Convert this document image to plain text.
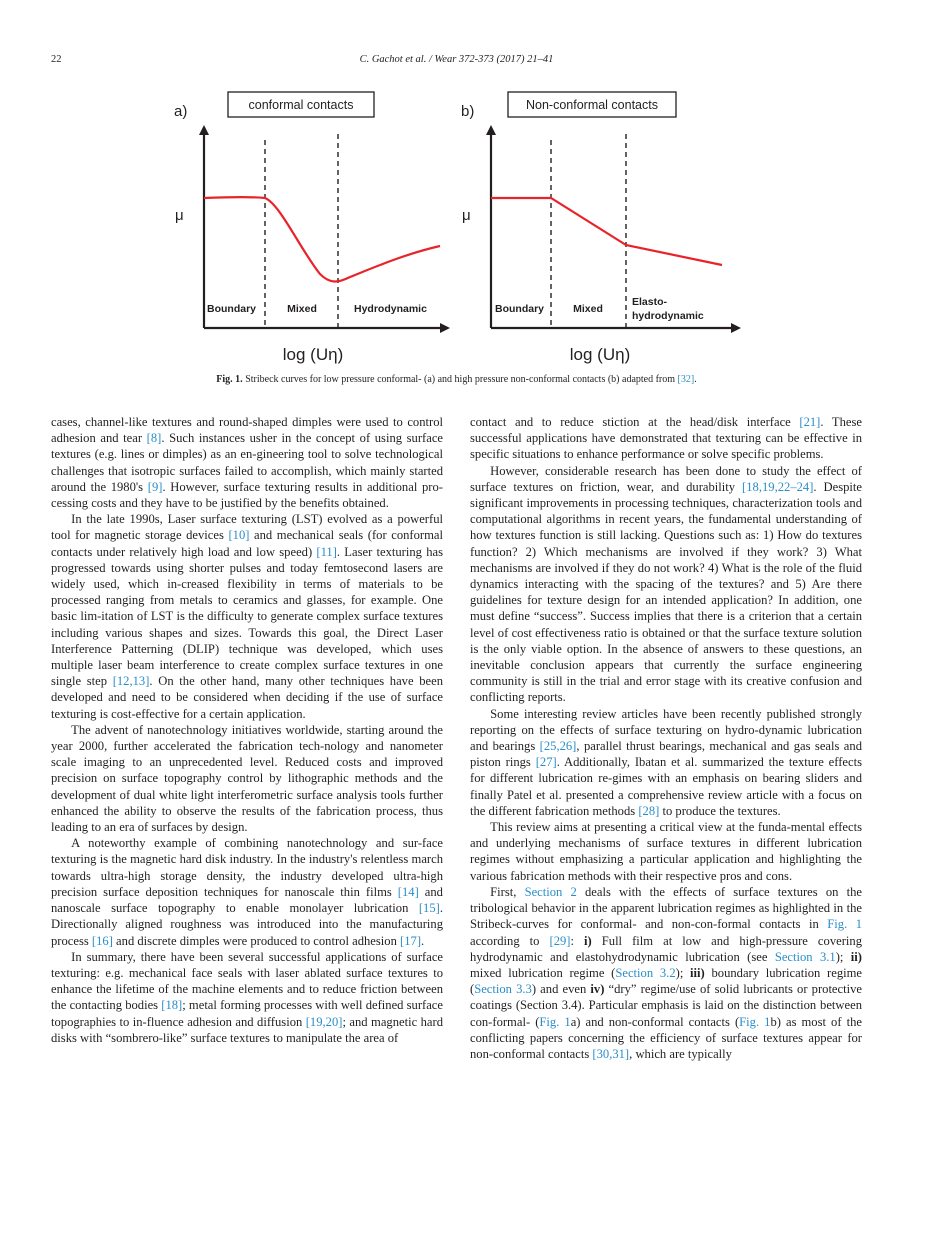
22	C. Gachot et al. / Wear 372-373 (2017) 21–41
a)	conformal contacts
μ
Boundary	Mixed	Hydrodynamic
log (Uη)
b)	Non-conformal contacts
μ
Boundary	Mixed
Elasto-
hydrodynamic
log (Uη)
Fig. 1. Stribeck curves for low pressure conformal- (a) and high pressure non-conformal contacts (b) adapted from [32].

cases, channel-like textures and round-shaped dimples were used to control adhesion and tear [8]. Such instances usher in the concept of using surface textures (e.g. lines or dimples) as an en-gineering tool to solve technological challenges that isotropic surfaces failed to accomplish, which mainly started around the 1980's [9]. However, surface texturing results in additional pro-cessing costs and they have to be justified by the benefits obtained.

In the late 1990s, Laser surface texturing (LST) evolved as a powerful tool for magnetic storage devices [10] and mechanical seals (for conformal contacts under relatively high load and low speed) [11]. Laser texturing has progressed towards using shorter pulses and today femtosecond lasers are widely used, which in-creased flexibility in terms of materials to be processed ranging from metals to ceramics and glasses, for example. One basic lim-itation of LST is the difficulty to generate complex surface textures including various shapes and sizes. Towards this goal, the Direct Laser Interference Patterning (DLIP) technique was developed, which uses multiple laser beam interference to create complex surface textures in one single step [12,13]. On the other hand, many other techniques have been developed and need to be considered when deciding if the use of surface texturing is cost-effective for a certain application.

The advent of nanotechnology initiatives worldwide, starting around the year 2000, further accelerated the fabrication tech-nology and nanometer scale imaging to an unprecedented level. Reduced costs and improved precision on surface topography control by lithographic methods and the development of dual white light interferometric surface analysis tools further enhanced the ability to observe the results of the fabrication process, thus leading to an era of surfaces by design.

A noteworthy example of combining nanotechnology and sur-face texturing is the magnetic hard disk industry. In the industry's relentless march towards ultra-high storage density, the industry developed ultra-high precision surface deposition techniques for nanoscale thin films [14] and nanoscale surface topography to enable monolayer lubrication [15]. Directionally aligned roughness was introduced into the manufacturing process [16] and discrete dimples were produced to control adhesion [17].

In summary, there have been several successful applications of surface texturing: e.g. mechanical face seals with laser ablated surface textures to enhance the lifetime of the machine elements and to reduce friction between the contacting bodies [18]; metal forming processes with well defined surface topographies to in-fluence adhesion and diffusion [19,20]; and magnetic hard disks with “sombrero-like” surface textures to manipulate the area of

contact and to reduce stiction at the head/disk interface [21]. These successful applications have demonstrated that texturing can be effective in specific situations to enhance performance or solve specific problems.

However, considerable research has been done to study the effect of surface textures on friction, wear, and durability [18,19,22–24]. Despite significant improvements in processing techniques, characterization tools and computational algorithms in recent years, the fundamental understanding of how textures function is still lacking. Questions such as: 1) How do textures function? 2) Which mechanisms are involved if they work? 3) What mechanisms are involved if they do not work? 4) What is the role of the fluid dynamics interacting with the spacing of the textures? and 5) Are there guidelines for texture design for an intended application? In addition, one must define “success”. Success implies that there is a criterion that a certain level of cost effectiveness ratio is obtained or that the surface texture solution is the only viable option. In the absence of answers to these questions, an inevitable conclusion appears that currently the surface engineering community is still in the trial and error stage with its creative confusion and conflicting reports.

Some interesting review articles have been recently published strongly reporting on the effects of surface texturing on hydro-dynamic lubrication and bearings [25,26], parallel thrust bearings, mechanical and gas seals and piston rings [27]. Additionally, Ibatan et al. summarized the texture effects for different lubrication re-gimes with an emphasis on bearing sliders and finally Patel et al. presented a comprehensive review article with a focus on the different fabrication methods [28] to produce the textures.

This review aims at presenting a critical view at the funda-mental effects and underlying mechanisms of surface textures in different lubrication regimes without emphasizing a particular application and highlighting the various fabrication methods with their respective pros and cons.

First, Section 2 deals with the effects of surface textures on the tribological behavior in the apparent lubrication regimes as highlighted in the Stribeck-curves for conformal- and non-con-formal contacts in Fig. 1 according to [29]: i) Full film at low and high-pressure covering hydrodynamic and elastohydrodynamic lubrication (see Section 3.1); ii) mixed lubrication regime (Section 3.2); iii) boundary lubrication regime (Section 3.3) and even iv) “dry” regime/use of solid lubricants or protective coatings (Section 3.4). Particular emphasis is laid on the distinction between con-formal- (Fig. 1a) and non-conformal contacts (Fig. 1b) as most of the conflicting papers concerning the efficiency of surface textures appear for non-conformal contacts [30,31], which are typically
